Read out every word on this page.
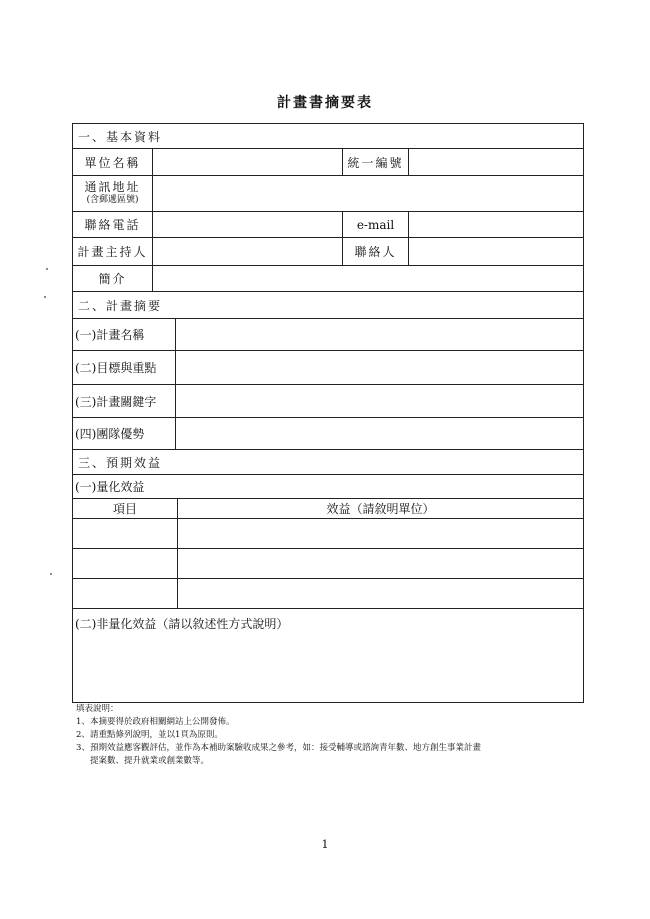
計畫書摘要表
一、基本資料
單位名稱	統一編號
通訊地址
(含郵遞區號)
聯絡電話	e-mail
計畫主持人	聯絡人
簡介
二、計畫摘要
(一)計畫名稱
(二)目標與重點
(三)計畫關鍵字
(四)團隊優勢
三、預期效益
(一)量化效益
項目	效益（請敘明單位）
(二)非量化效益（請以敘述性方式說明）
填表說明：
1、 本摘要得於政府相關網站上公開發佈。
2、 請重點條列說明，並以1頁為原則。
3、 預期效益應客觀評估，並作為本補助案驗收成果之參考，如：接受輔導或諮詢青年數、地方創生事業計畫
提案數、提升就業或創業數等。
1
